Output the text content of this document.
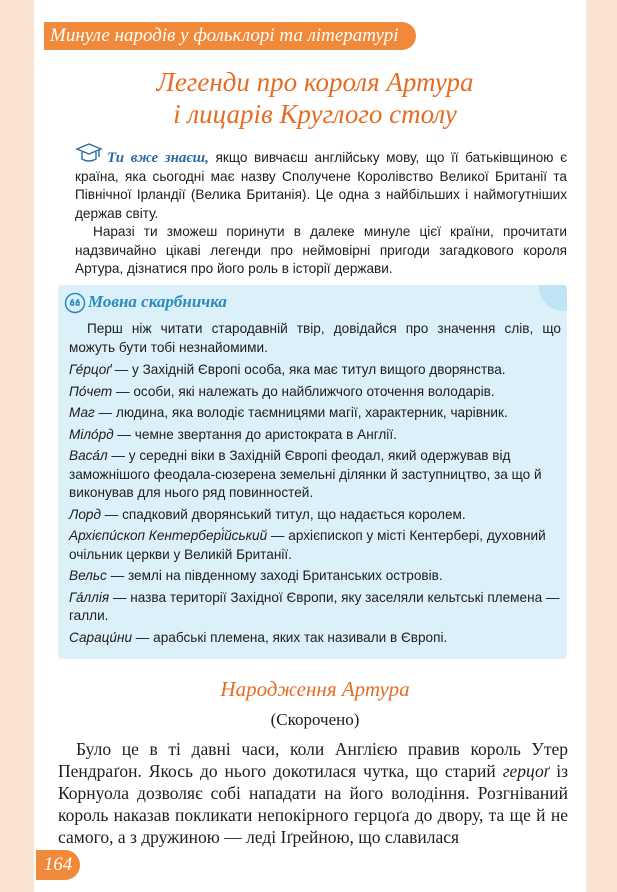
Минуле народів у фольклорі та літературі
Легенди про короля Артура
і лицарів Круглого столу

Ти вже знаєш, якщо вивчаєш англійську мову, що її батьківщиною є країна, яка сьогодні має назву Сполучене Королівство Великої Британії та Північної Ірландії (Велика Британія). Це одна з найбільших і наймогутніших держав світу.

Наразі ти зможеш поринути в далеке минуле цієї країни, прочитати надзвичайно цікаві легенди про неймовірні пригоди загадкового короля Артура, дізнатися про його роль в історії держави.

Мовна скарбничка

Перш ніж читати стародавній твір, довідайся про значення слів, що можуть бути тобі незнайомими.

Ге́рцоґ — у Західній Європі особа, яка має титул вищого дворянства.

По́чет — особи, які належать до найближчого оточення володарів.

Маг — людина, яка володіє таємницями магії, характерник, чарівник.

Міло́рд — чемне звертання до аристократа в Англії.

Васа́л — у середні віки в Західній Європі феодал, який одержував від заможнішого феодала-сюзерена земельні ділянки й заступництво, за що й виконував для нього ряд повинностей.

Лорд — спадковий дворянський титул, що надається королем.

Архієпи́скоп Кентербері́йський — архієпископ у місті Кентербері, духовний очільник церкви у Великій Британії.

Вельс — землі на південному заході Британських островів.

Га́ллія — назва території Західної Європи, яку заселяли кельтські племена — галли.

Сараци́ни — арабські племена, яких так називали в Європі.

Народження Артура
(Скорочено)

Було це в ті давні часи, коли Англією правив король Утер Пендраґон. Якось до нього докотилася чутка, що старий герцоґ із Корнуола дозволяє собі нападати на його володіння. Розгніваний король наказав покликати непокірного герцоґа до двору, та ще й не самого, а з дружиною — леді Іґрейною, що славилася

164
